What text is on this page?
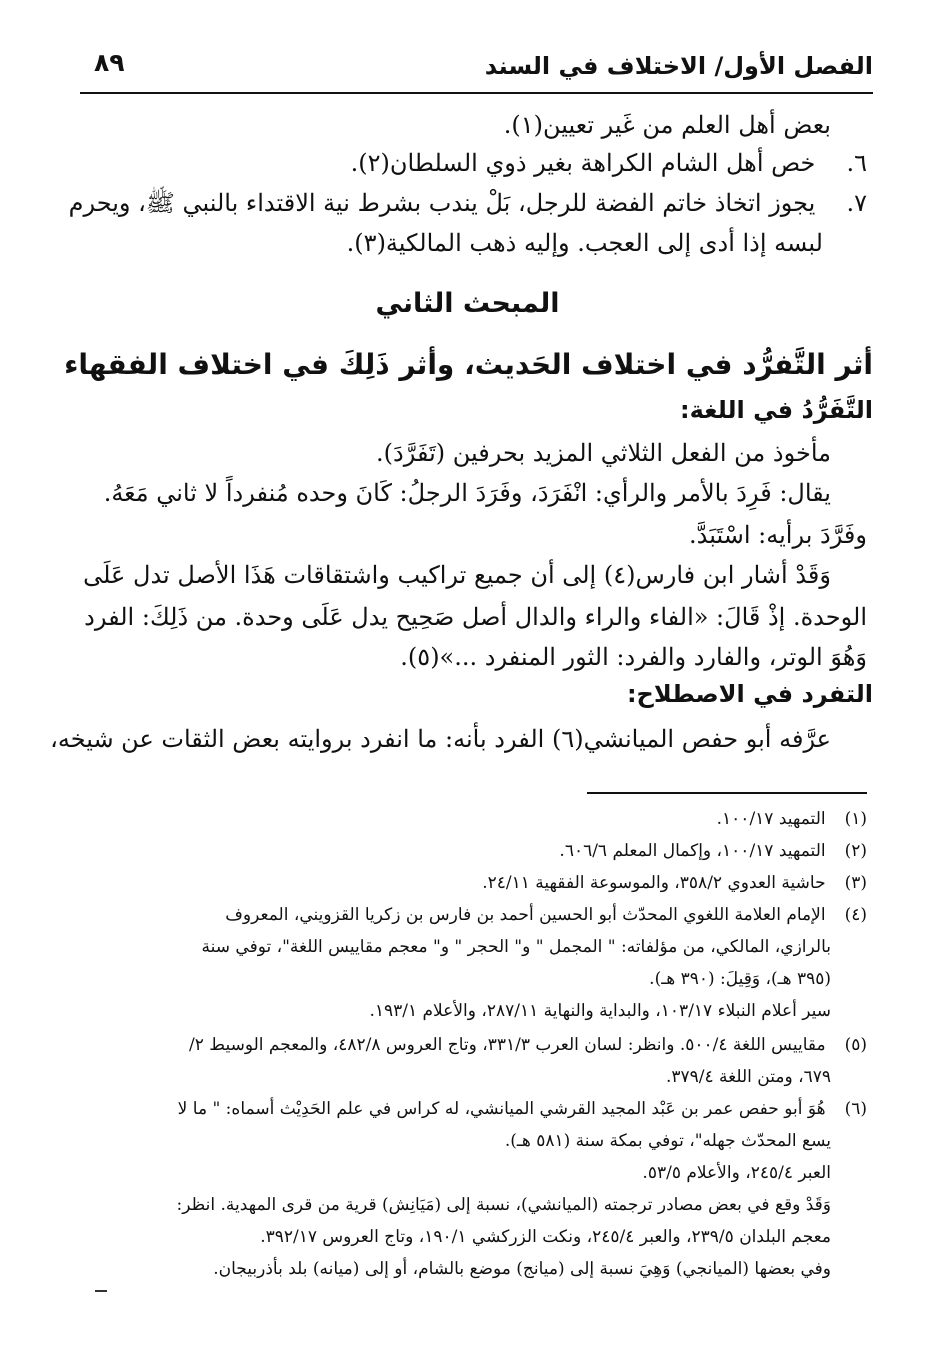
الفصل الأول/ الاختلاف في السند
٨٩
بعض أهل العلم من غَير تعيين(١).
٦. خص أهل الشام الكراهة بغير ذوي السلطان(٢).
٧. يجوز اتخاذ خاتم الفضة للرجل، بَلْ يندب بشرط نية الاقتداء بالنبي ﷺ، ويحرم
لبسه إذا أدى إلى العجب. وإليه ذهب المالكية(٣).
المبحث الثاني
أثر التَّفرُّد في اختلاف الحَديث، وأثر ذَلِكَ في اختلاف الفقهاء
التَّفَرُّدُ في اللغة:
مأخوذ من الفعل الثلاثي المزيد بحرفين (تَفَرَّدَ).
يقال: فَرِدَ بالأمر والرأي: انْفَرَدَ، وفَرَدَ الرجلُ: كَانَ وحده مُنفرداً لا ثاني مَعَهُ.
وفَرَّدَ برأيه: اسْتَبَدَّ.
وَقَدْ أشار ابن فارس(٤) إلى أن جميع تراكيب واشتقاقات هَذَا الأصل تدل عَلَى
الوحدة. إذْ قَالَ: «الفاء والراء والدال أصل صَحِيح يدل عَلَى وحدة. من ذَلِكَ: الفرد
وَهُوَ الوتر، والفارد والفرد: الثور المنفرد ...»(٥).
التفرد في الاصطلاح:
عرَّفه أبو حفص الميانشي(٦) الفرد بأنه: ما انفرد بروايته بعض الثقات عن شيخه،
(١) التمهيد ١٠٠/١٧.
(٢) التمهيد ١٠٠/١٧، وإكمال المعلم ٦٠٦/٦.
(٣) حاشية العدوي ٣٥٨/٢، والموسوعة الفقهية ٢٤/١١.
(٤) الإمام العلامة اللغوي المحدّث أبو الحسين أحمد بن فارس بن زكريا القزويني، المعروف
بالرازي، المالكي، من مؤلفاته: " المجمل " و" الحجر " و" معجم مقاييس اللغة"، توفي سنة
(٣٩٥ هـ)، وَقِيلَ: (٣٩٠ هـ).
سير أعلام النبلاء ١٠٣/١٧، والبداية والنهاية ٢٨٧/١١، والأعلام ١٩٣/١.
(٥) مقاييس اللغة ٥٠٠/٤. وانظر: لسان العرب ٣٣١/٣، وتاج العروس ٤٨٢/٨، والمعجم الوسيط ٢/
٦٧٩، ومتن اللغة ٣٧٩/٤.
(٦) هُوَ أبو حفص عمر بن عَبْد المجيد القرشي الميانشي، له كراس في علم الحَدِيْث أسماه: " ما لا
يسع المحدّث جهله"، توفي بمكة سنة (٥٨١ هـ).
العبر ٢٤٥/٤، والأعلام ٥٣/٥.
وَقَدْ وقع في بعض مصادر ترجمته (الميانشي)، نسبة إلى (مَيَانِش) قرية من قرى المهدية. انظر:
معجم البلدان ٢٣٩/٥، والعبر ٢٤٥/٤، ونكت الزركشي ١٩٠/١، وتاج العروس ٣٩٢/١٧.
وفي بعضها (الميانجي) وَهِيَ نسبة إلى (ميانج) موضع بالشام، أو إلى (ميانه) بلد بأذربيجان.
